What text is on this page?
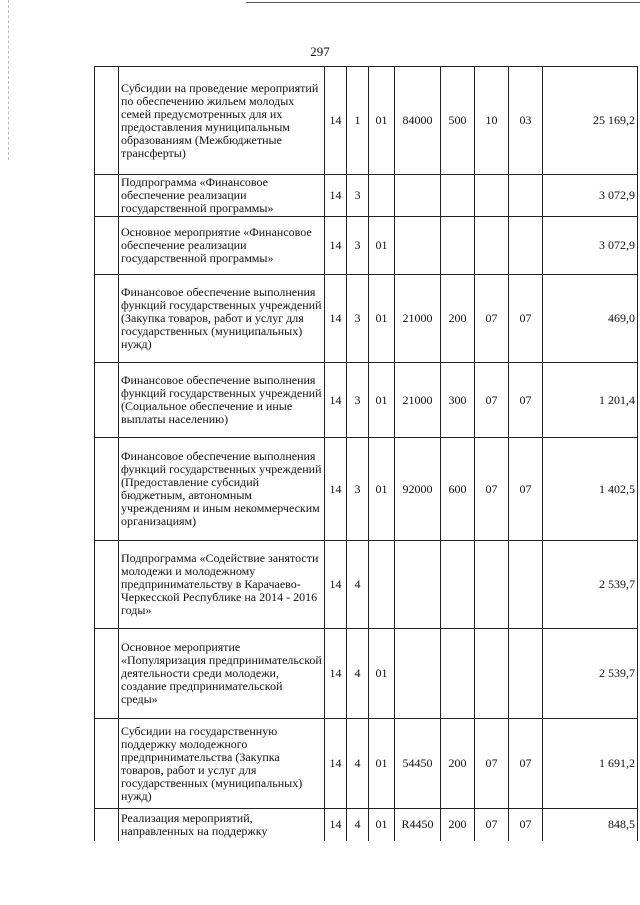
297
	Субсидии на проведение мероприятий по обеспечению жильем молодых семей предусмотренных для их предоставления муниципальным образованиям (Межбюджетные трансферты)	14	1	01	84000	500	10	03	25 169,2
	Подпрограмма «Финансовое обеспечение реализации государственной программы»	14	3						3 072,9
	Основное мероприятие «Финансовое обеспечение реализации государственной программы»	14	3	01					3 072,9
	Финансовое обеспечение выполнения функций государственных учреждений (Закупка товаров, работ и услуг для государственных (муниципальных) нужд)	14	3	01	21000	200	07	07	469,0
	Финансовое обеспечение выполнения функций государственных учреждений (Социальное обеспечение и иные выплаты населению)	14	3	01	21000	300	07	07	1 201,4
	Финансовое обеспечение выполнения функций государственных учреждений (Предоставление субсидий бюджетным, автономным учреждениям и иным некоммерческим организациям)	14	3	01	92000	600	07	07	1 402,5
	Подпрограмма «Содействие занятости молодежи и молодежному предпринимательству в Карачаево-Черкесской Республике на 2014 - 2016 годы»	14	4						2 539,7
	Основное мероприятие «Популяризация предпринимательской деятельности среди молодежи, создание предпринимательской среды»	14	4	01					2 539,7
	Субсидии на государственную поддержку молодежного предпринимательства (Закупка товаров, работ и услуг для государственных (муниципальных) нужд)	14	4	01	54450	200	07	07	1 691,2
	Реализация мероприятий, направленных на поддержку	14	4	01	R4450	200	07	07	848,5
